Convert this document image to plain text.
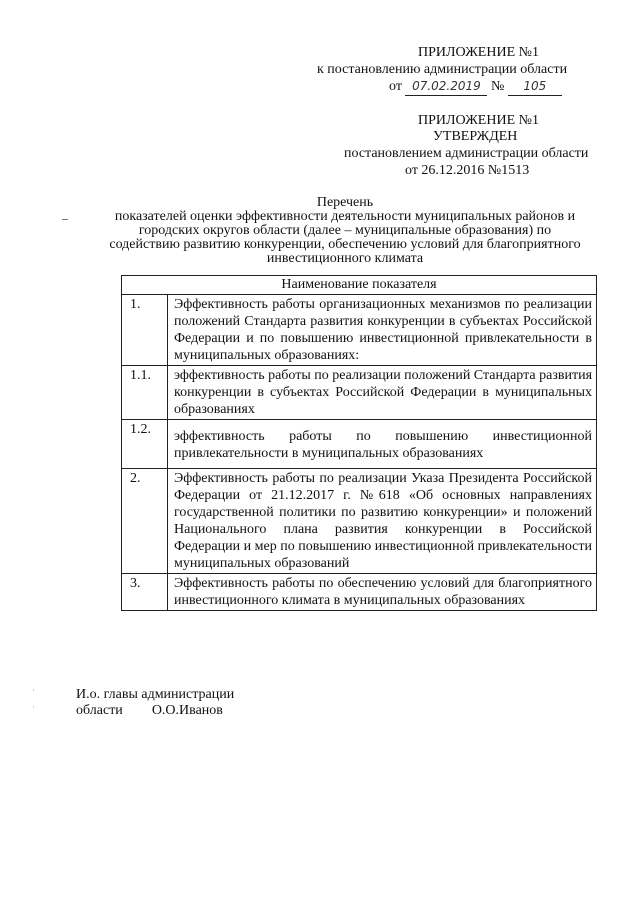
ПРИЛОЖЕНИЕ №1
к постановлению администрации области
от 07.02.2019 № 105
ПРИЛОЖЕНИЕ №1
УТВЕРЖДЕН
постановлением администрации области
от 26.12.2016 №1513
Перечень
показателей оценки эффективности деятельности муниципальных районов и
городских округов области (далее – муниципальные образования) по
содействию развитию конкуренции, обеспечению условий для благоприятного
инвестиционного климата
Наименование показателя	
1.	Эффективность работы организационных механизмов по реализации положений Стандарта развития конкуренции в субъектах Российской Федерации и по повышению инвестиционной привлекательности в муниципальных образованиях:
1.1.	эффективность работы по реализации положений Стандарта развития конкуренции в субъектах Российской Федерации в муниципальных образованиях
1.2.	эффективность работы по повышению инвестиционной привлекательности в муниципальных образованиях
2.	Эффективность работы по реализации Указа Президента Российской Федерации от 21.12.2017 г. №618 «Об основных направлениях государственной политики по развитию конкуренции» и положений Национального плана развития конкуренции в Российской Федерации и мер по повышению инвестиционной привлекательности муниципальных образований
3.	Эффективность работы по обеспечению условий для благоприятного инвестиционного климата в муниципальных образованиях
·
·
И.о. главы администрации
области О.О.Иванов
